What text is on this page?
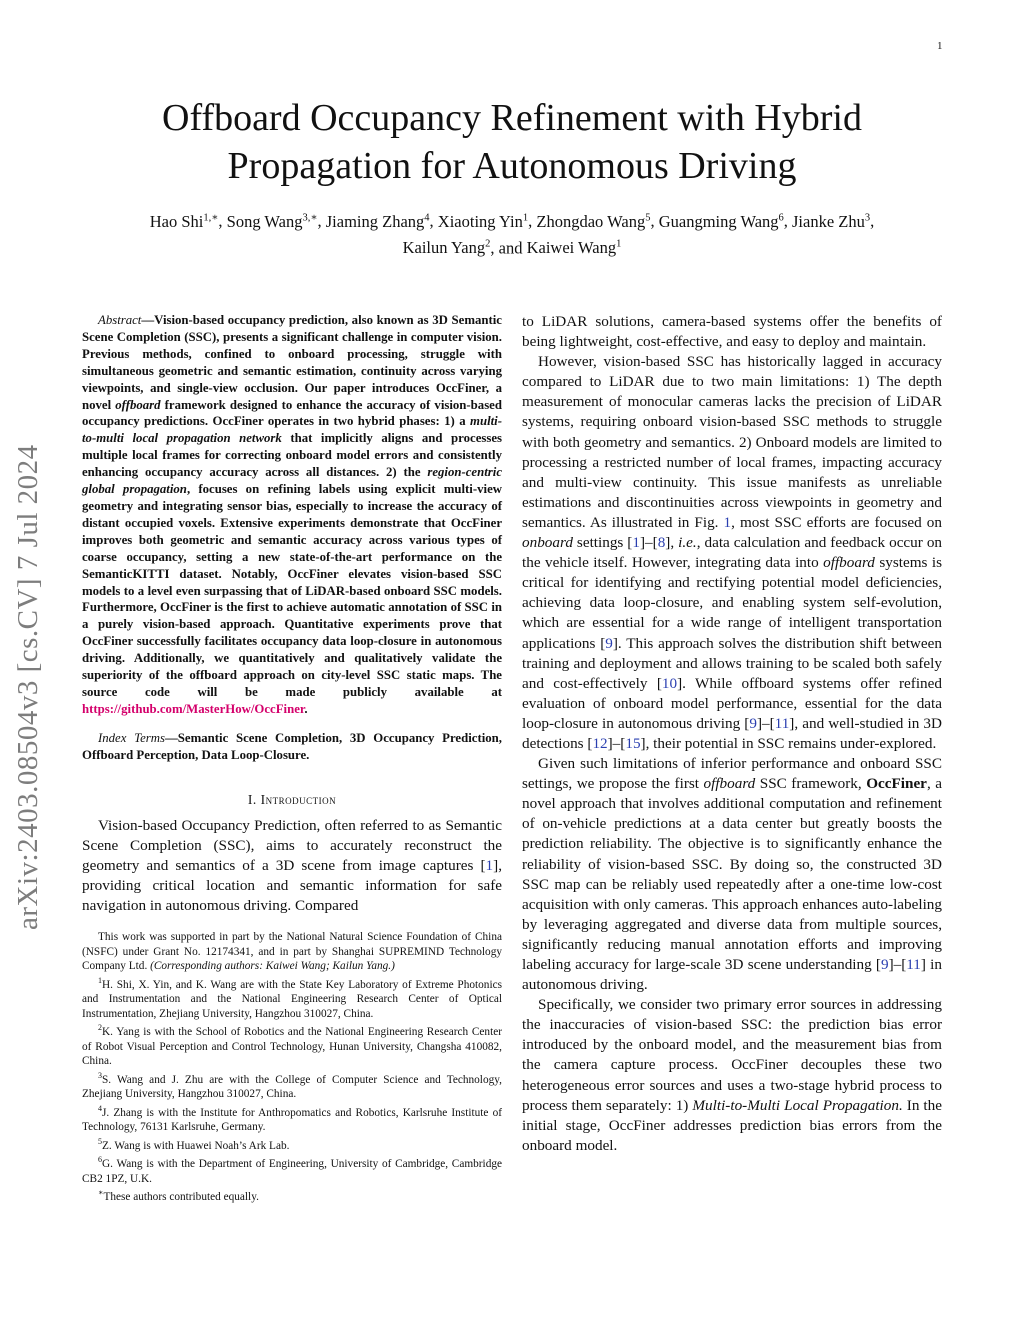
1
arXiv:2403.08504v3 [cs.CV] 7 Jul 2024
Offboard Occupancy Refinement with Hybrid
Propagation for Autonomous Driving
Hao Shi$^{1,∗}$, Song Wang$^{3,∗}$, Jiaming Zhang$^4$, Xiaoting Yin$^1$, Zhongdao Wang$^5$, Guangming Wang$^6$, Jianke Zhu$^3$,
Kailun Yang$^2$, and Kaiwei Wang$^1$

Abstract—Vision-based occupancy prediction, also known as 3D Semantic Scene Completion (SSC), presents a significant challenge in computer vision. Previous methods, confined to onboard processing, struggle with simultaneous geometric and semantic estimation, continuity across varying viewpoints, and single-view occlusion. Our paper introduces OccFiner, a novel offboard framework designed to enhance the accuracy of vision-based occupancy predictions. OccFiner operates in two hybrid phases: 1) a multi-to-multi local propagation network that implicitly aligns and processes multiple local frames for correcting onboard model errors and consistently enhancing occupancy accuracy across all distances. 2) the region-centric global propagation, focuses on refining labels using explicit multi-view geometry and integrating sensor bias, especially to increase the accuracy of distant occupied voxels. Extensive experiments demonstrate that OccFiner improves both geometric and semantic accuracy across various types of coarse occupancy, setting a new state-of-the-art performance on the SemanticKITTI dataset. Notably, OccFiner elevates vision-based SSC models to a level even surpassing that of LiDAR-based onboard SSC models. Furthermore, OccFiner is the first to achieve automatic annotation of SSC in a purely vision-based approach. Quantitative experiments prove that OccFiner successfully facilitates occupancy data loop-closure in autonomous driving. Additionally, we quantitatively and qualitatively validate the superiority of the offboard approach on city-level SSC static maps. The source code will be made publicly available at https://github.com/MasterHow/OccFiner.

Index Terms—Semantic Scene Completion, 3D Occupancy Prediction, Offboard Perception, Data Loop-Closure.

I. Introduction

Vision-based Occupancy Prediction, often referred to as Semantic Scene Completion (SSC), aims to accurately reconstruct the geometry and semantics of a 3D scene from image captures [1], providing critical location and semantic information for safe navigation in autonomous driving. Compared

This work was supported in part by the National Natural Science Foundation of China (NSFC) under Grant No. 12174341, and in part by Shanghai SUPREMIND Technology Company Ltd. (Corresponding authors: Kaiwei Wang; Kailun Yang.)

$^1$H. Shi, X. Yin, and K. Wang are with the State Key Laboratory of Extreme Photonics and Instrumentation and the National Engineering Research Center of Optical Instrumentation, Zhejiang University, Hangzhou 310027, China.

$^2$K. Yang is with the School of Robotics and the National Engineering Research Center of Robot Visual Perception and Control Technology, Hunan University, Changsha 410082, China.

$^3$S. Wang and J. Zhu are with the College of Computer Science and Technology, Zhejiang University, Hangzhou 310027, China.

$^4$J. Zhang is with the Institute for Anthropomatics and Robotics, Karlsruhe Institute of Technology, 76131 Karlsruhe, Germany.

$^5$Z. Wang is with Huawei Noah’s Ark Lab.

$^6$G. Wang is with the Department of Engineering, University of Cambridge, Cambridge CB2 1PZ, U.K.

∗These authors contributed equally.

to LiDAR solutions, camera-based systems offer the benefits of being lightweight, cost-effective, and easy to deploy and maintain.

However, vision-based SSC has historically lagged in accuracy compared to LiDAR due to two main limitations: 1) The depth measurement of monocular cameras lacks the precision of LiDAR systems, requiring onboard vision-based SSC methods to struggle with both geometry and semantics. 2) Onboard models are limited to processing a restricted number of local frames, impacting accuracy and multi-view continuity. This issue manifests as unreliable estimations and discontinuities across viewpoints in geometry and semantics. As illustrated in Fig. 1, most SSC efforts are focused on onboard settings [1]–[8], i.e., data calculation and feedback occur on the vehicle itself. However, integrating data into offboard systems is critical for identifying and rectifying potential model deficiencies, achieving data loop-closure, and enabling system self-evolution, which are essential for a wide range of intelligent transportation applications [9]. This approach solves the distribution shift between training and deployment and allows training to be scaled both safely and cost-effectively [10]. While offboard systems offer refined evaluation of onboard model performance, essential for the data loop-closure in autonomous driving [9]–[11], and well-studied in 3D detections [12]–[15], their potential in SSC remains under-explored.

Given such limitations of inferior performance and onboard SSC settings, we propose the first offboard SSC framework, OccFiner, a novel approach that involves additional computation and refinement of on-vehicle predictions at a data center but greatly boosts the prediction reliability. The objective is to significantly enhance the reliability of vision-based SSC. By doing so, the constructed 3D SSC map can be reliably used repeatedly after a one-time low-cost acquisition with only cameras. This approach enhances auto-labeling by leveraging aggregated and diverse data from multiple sources, significantly reducing manual annotation efforts and improving labeling accuracy for large-scale 3D scene understanding [9]–[11] in autonomous driving.

Specifically, we consider two primary error sources in addressing the inaccuracies of vision-based SSC: the prediction bias error introduced by the onboard model, and the measurement bias from the camera capture process. OccFiner decouples these two heterogeneous error sources and uses a two-stage hybrid process to process them separately: 1) Multi-to-Multi Local Propagation. In the initial stage, OccFiner addresses prediction bias errors from the onboard model.
